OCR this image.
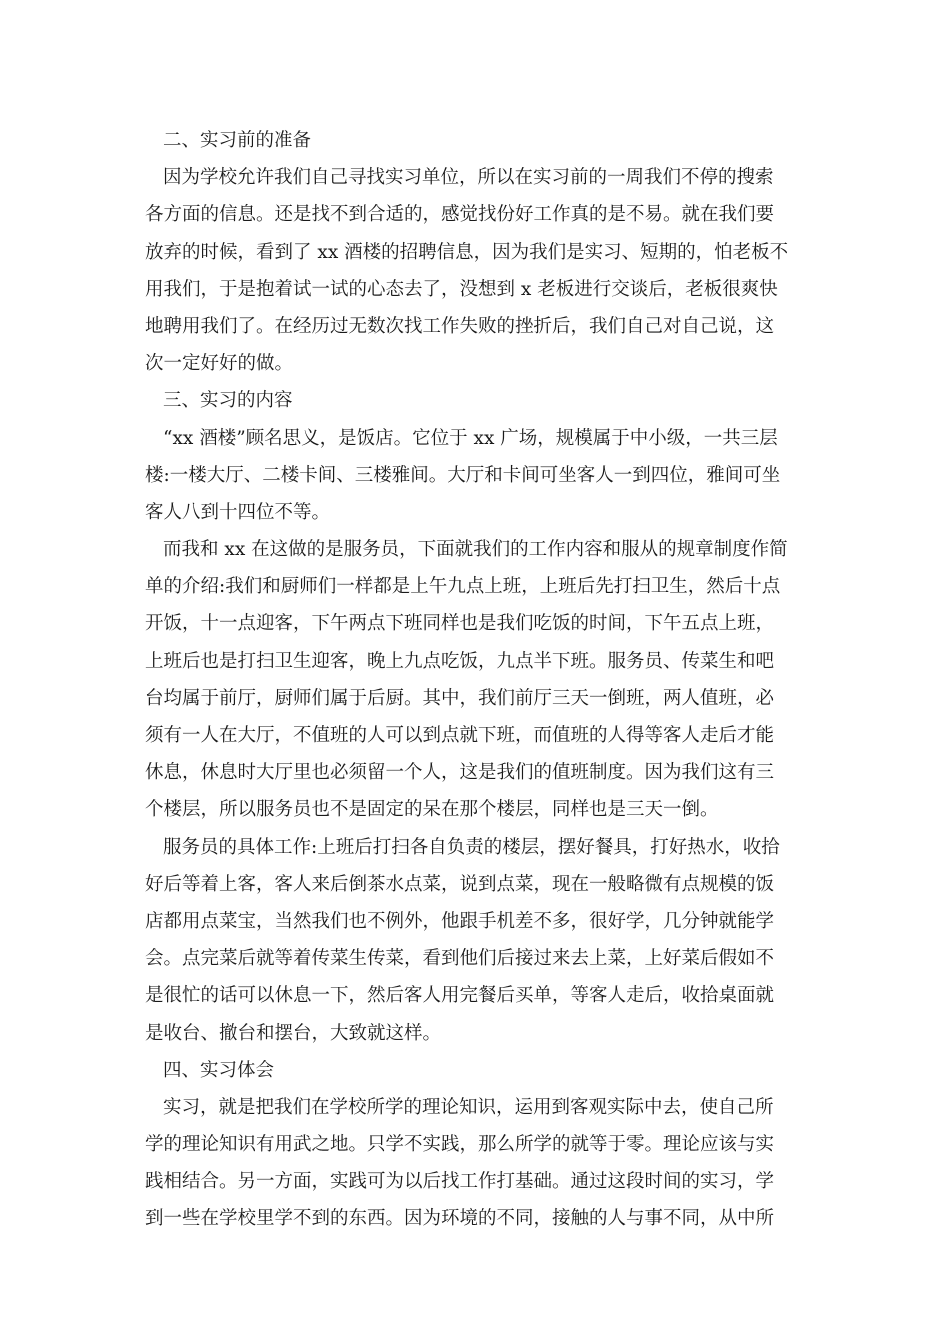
二、实习前的准备
因为学校允许我们自己寻找实习单位，所以在实习前的一周我们不停的搜索
各方面的信息。还是找不到合适的，感觉找份好工作真的是不易。就在我们要
放弃的时候，看到了 xx 酒楼的招聘信息，因为我们是实习、短期的，怕老板不
用我们，于是抱着试一试的心态去了，没想到 x 老板进行交谈后，老板很爽快
地聘用我们了。在经历过无数次找工作失败的挫折后，我们自己对自己说，这
次一定好好的做。
三、实习的内容
“xx 酒楼”顾名思义，是饭店。它位于 xx 广场，规模属于中小级，一共三层
楼:一楼大厅、二楼卡间、三楼雅间。大厅和卡间可坐客人一到四位，雅间可坐
客人八到十四位不等。
而我和 xx 在这做的是服务员，下面就我们的工作内容和服从的规章制度作简
单的介绍:我们和厨师们一样都是上午九点上班，上班后先打扫卫生，然后十点
开饭，十一点迎客，下午两点下班同样也是我们吃饭的时间，下午五点上班，
上班后也是打扫卫生迎客，晚上九点吃饭，九点半下班。服务员、传菜生和吧
台均属于前厅，厨师们属于后厨。其中，我们前厅三天一倒班，两人值班，必
须有一人在大厅，不值班的人可以到点就下班，而值班的人得等客人走后才能
休息，休息时大厅里也必须留一个人，这是我们的值班制度。因为我们这有三
个楼层，所以服务员也不是固定的呆在那个楼层，同样也是三天一倒。
服务员的具体工作:上班后打扫各自负责的楼层，摆好餐具，打好热水，收拾
好后等着上客，客人来后倒茶水点菜，说到点菜，现在一般略微有点规模的饭
店都用点菜宝，当然我们也不例外，他跟手机差不多，很好学，几分钟就能学
会。点完菜后就等着传菜生传菜，看到他们后接过来去上菜，上好菜后假如不
是很忙的话可以休息一下，然后客人用完餐后买单，等客人走后，收拾桌面就
是收台、撤台和摆台，大致就这样。
四、实习体会
实习，就是把我们在学校所学的理论知识，运用到客观实际中去，使自己所
学的理论知识有用武之地。只学不实践，那么所学的就等于零。理论应该与实
践相结合。另一方面，实践可为以后找工作打基础。通过这段时间的实习，学
到一些在学校里学不到的东西。因为环境的不同，接触的人与事不同，从中所
